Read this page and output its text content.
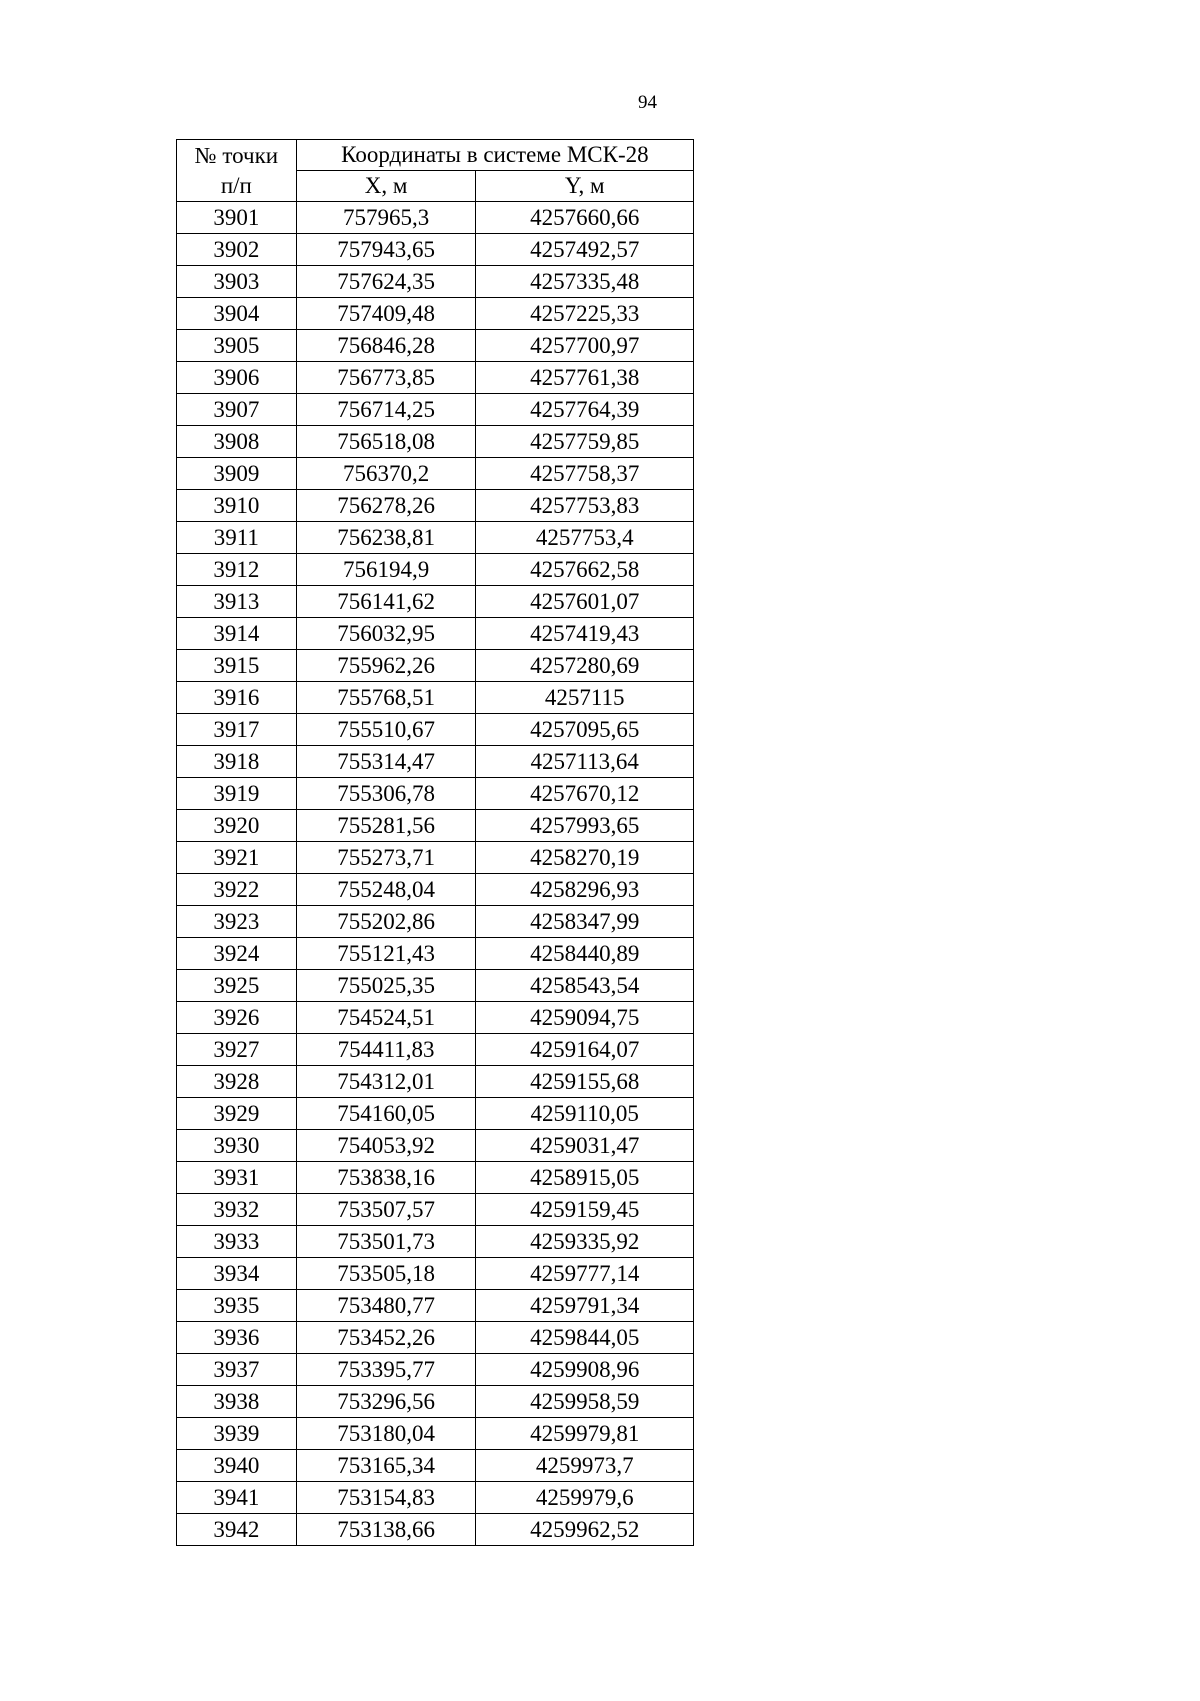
94
№ точки
п/п	Координаты в системе МСК-28	
	X, м	Y, м
3901	757965,3	4257660,66
3902	757943,65	4257492,57
3903	757624,35	4257335,48
3904	757409,48	4257225,33
3905	756846,28	4257700,97
3906	756773,85	4257761,38
3907	756714,25	4257764,39
3908	756518,08	4257759,85
3909	756370,2	4257758,37
3910	756278,26	4257753,83
3911	756238,81	4257753,4
3912	756194,9	4257662,58
3913	756141,62	4257601,07
3914	756032,95	4257419,43
3915	755962,26	4257280,69
3916	755768,51	4257115
3917	755510,67	4257095,65
3918	755314,47	4257113,64
3919	755306,78	4257670,12
3920	755281,56	4257993,65
3921	755273,71	4258270,19
3922	755248,04	4258296,93
3923	755202,86	4258347,99
3924	755121,43	4258440,89
3925	755025,35	4258543,54
3926	754524,51	4259094,75
3927	754411,83	4259164,07
3928	754312,01	4259155,68
3929	754160,05	4259110,05
3930	754053,92	4259031,47
3931	753838,16	4258915,05
3932	753507,57	4259159,45
3933	753501,73	4259335,92
3934	753505,18	4259777,14
3935	753480,77	4259791,34
3936	753452,26	4259844,05
3937	753395,77	4259908,96
3938	753296,56	4259958,59
3939	753180,04	4259979,81
3940	753165,34	4259973,7
3941	753154,83	4259979,6
3942	753138,66	4259962,52
